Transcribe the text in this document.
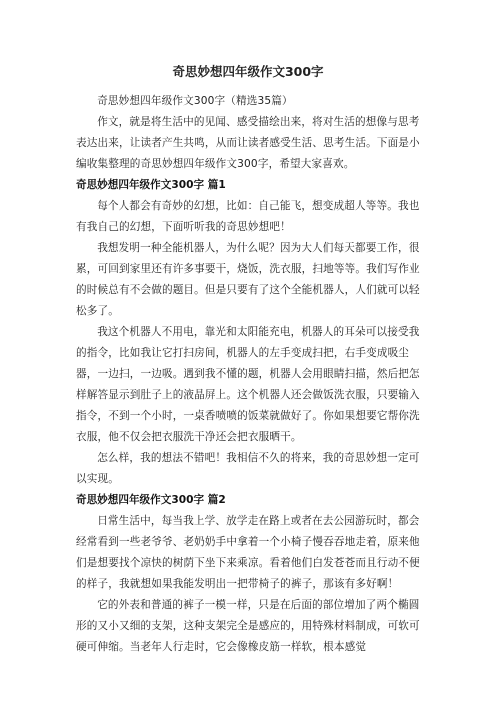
奇思妙想四年级作文300字

奇思妙想四年级作文300字（精选35篇）

作文，就是将生活中的见闻、感受描绘出来，将对生活的想像与思考表达出来，让读者产生共鸣，从而让读者感受生活、思考生活。下面是小编收集整理的奇思妙想四年级作文300字，希望大家喜欢。

奇思妙想四年级作文300字 篇1

每个人都会有奇妙的幻想，比如：自己能飞，想变成超人等等。我也有我自己的幻想，下面听听我的奇思妙想吧！

我想发明一种全能机器人，为什么呢？因为大人们每天都要工作，很累，可回到家里还有许多事要干，烧饭，洗衣服，扫地等等。我们写作业的时候总有不会做的题目。但是只要有了这个全能机器人，人们就可以轻松多了。

我这个机器人不用电，靠光和太阳能充电，机器人的耳朵可以接受我的指令，比如我让它打扫房间，机器人的左手变成扫把，右手变成吸尘器，一边扫，一边吸。遇到我不懂的题，机器人会用眼睛扫描，然后把怎样解答显示到肚子上的液晶屏上。这个机器人还会做饭洗衣服，只要输入指令，不到一个小时，一桌香喷喷的饭菜就做好了。你如果想要它帮你洗衣服，他不仅会把衣服洗干净还会把衣服晒干。

怎么样，我的想法不错吧！我相信不久的将来，我的奇思妙想一定可以实现。

奇思妙想四年级作文300字 篇2

日常生活中，每当我上学、放学走在路上或者在去公园游玩时，都会经常看到一些老爷爷、老奶奶手中拿着一个小椅子慢吞吞地走着，原来他们是想要找个凉快的树荫下坐下来乘凉。看着他们白发苍苍而且行动不便的样子，我就想如果我能发明出一把带椅子的裤子，那该有多好啊！

它的外表和普通的裤子一模一样，只是在后面的部位增加了两个椭圆形的又小又细的支架，这种支架完全是感应的，用特殊材料制成，可软可硬可伸缩。当老年人行走时，它会像橡皮筋一样软，根本感觉
